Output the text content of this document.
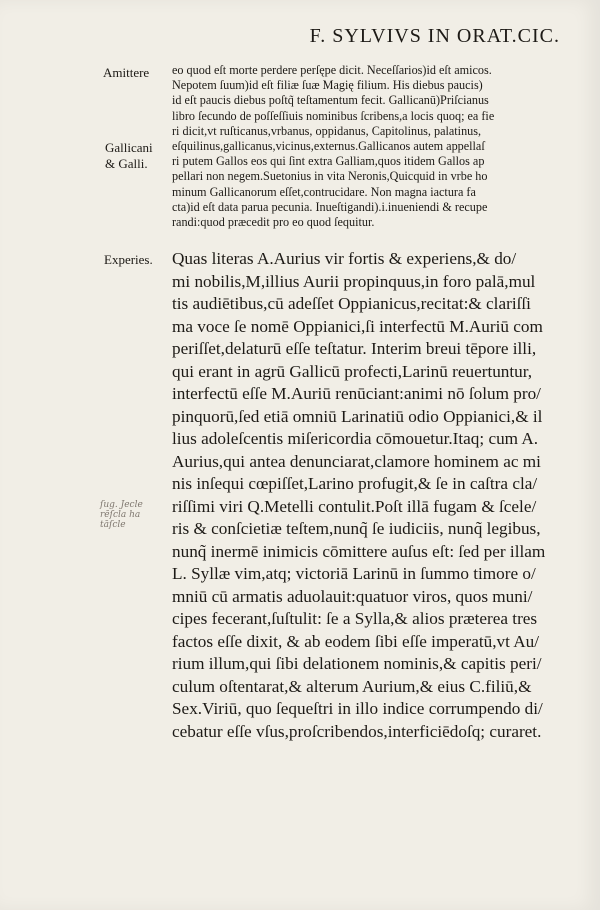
F. SYLVIVS IN ORAT.CIC.
Amittere
Gallicani
& Galli.
Experies.
ſug. Jecle
rēſcla ha
tāſcle
eo quod eſt morte perdere perſępe dicit. Neceſſarios)id eſt amicos.
Nepotem ſuum)id eſt filiæ ſuæ Magię filium. His diebus paucis)
id eſt paucis diebus poſtq̃ teſtamentum fecit. Gallicanū)Priſcianus
libro ſecundo de poſſeſſiuis nominibus ſcribens,a locis quoq; ea fie
ri dicit,vt ruſticanus,vrbanus, oppidanus, Capitolinus, palatinus,
eſquilinus,gallicanus,vicinus,externus.Gallicanos autem appellaſ
ri putem Gallos eos qui ſint extra Galliam,quos itidem Gallos ap
pellari non negem.Suetonius in vita Neronis,Quicquid in vrbe ho
minum Gallicanorum eſſet,contrucidare. Non magna iactura fa
cta)id eſt data parua pecunia. Inueſtigandi).i.inueniendi & recupe
randi:quod præcedit pro eo quod ſequitur.
Quas literas A.Aurius vir fortis & experiens,& do/
mi nobilis,M,illius Aurii propinquus,in foro palā,mul
tis audiētibus,cū adeſſet Oppianicus,recitat:& clariſſi
ma voce ſe nomē Oppianici,ſi interfectū M.Auriū com
periſſet,delaturū eſſe teſtatur. Interim breui tēpore illi,
qui erant in agrū Gallicū profecti,Larinū reuertuntur,
interfectū eſſe M.Auriū renūciant:animi nō ſolum pro/
pinquorū,ſed etiā omniū Larinatiū odio Oppianici,& il
lius adoleſcentis miſericordia cōmouetur.Itaq; cum A.
Aurius,qui antea denunciarat,clamore hominem ac mi
nis inſequi cœpiſſet,Larino profugit,& ſe in caſtra cla/
riſſimi viri Q.Metelli contulit.Poſt illā fugam & ſcele/
ris & conſcietiæ teſtem,nunq̃ ſe iudiciis, nunq̃ legibus,
nunq̃ inermē inimicis cōmittere auſus eſt: ſed per illam
L. Syllæ vim,atq; victoriā Larinū in ſummo timore o/
mniū cū armatis aduolauit:quatuor viros, quos muni/
cipes fecerant,ſuſtulit: ſe a Sylla,& alios præterea tres
factos eſſe dixit, & ab eodem ſibi eſſe imperatū,vt Au/
rium illum,qui ſibi delationem nominis,& capitis peri/
culum oſtentarat,& alterum Aurium,& eius C.filiū,&
Sex.Viriū, quo ſequeſtri in illo indice corrumpendo di/
cebatur eſſe vſus,proſcribendos,interficiēdoſq; curaret.
